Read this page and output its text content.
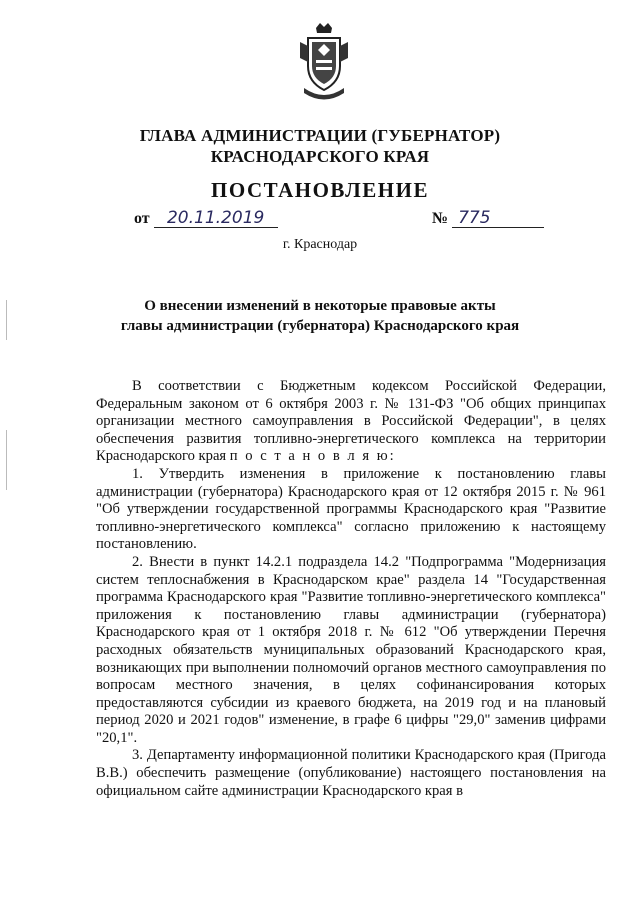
ГЛАВА АДМИНИСТРАЦИИ (ГУБЕРНАТОР)
КРАСНОДАРСКОГО КРАЯ
ПОСТАНОВЛЕНИЕ
от 20.11.2019	№ 775
г. Краснодар
О внесении изменений в некоторые правовые акты
главы администрации (губернатора) Краснодарского края

В соответствии с Бюджетным кодексом Российской Федерации, Федеральным законом от 6 октября 2003 г. № 131-ФЗ "Об общих принципах организации местного самоуправления в Российской Федерации", в целях обеспечения развития топливно-энергетического комплекса на территории Краснодарского края п о с т а н о в л я ю:

1. Утвердить изменения в приложение к постановлению главы администрации (губернатора) Краснодарского края от 12 октября 2015 г. № 961 "Об утверждении государственной программы Краснодарского края "Развитие топливно-энергетического комплекса" согласно приложению к настоящему постановлению.

2. Внести в пункт 14.2.1 подраздела 14.2 "Подпрограмма "Модернизация систем теплоснабжения в Краснодарском крае" раздела 14 "Государственная программа Краснодарского края "Развитие топливно-энергетического комплекса" приложения к постановлению главы администрации (губернатора) Краснодарского края от 1 октября 2018 г. № 612 "Об утверждении Перечня расходных обязательств муниципальных образований Краснодарского края, возникающих при выполнении полномочий органов местного самоуправления по вопросам местного значения, в целях софинансирования которых предоставляются субсидии из краевого бюджета, на 2019 год и на плановый период 2020 и 2021 годов" изменение, в графе 6 цифры "29,0" заменив цифрами "20,1".

3. Департаменту информационной политики Краснодарского края (Пригода В.В.) обеспечить размещение (опубликование) настоящего постановления на официальном сайте администрации Краснодарского края в
